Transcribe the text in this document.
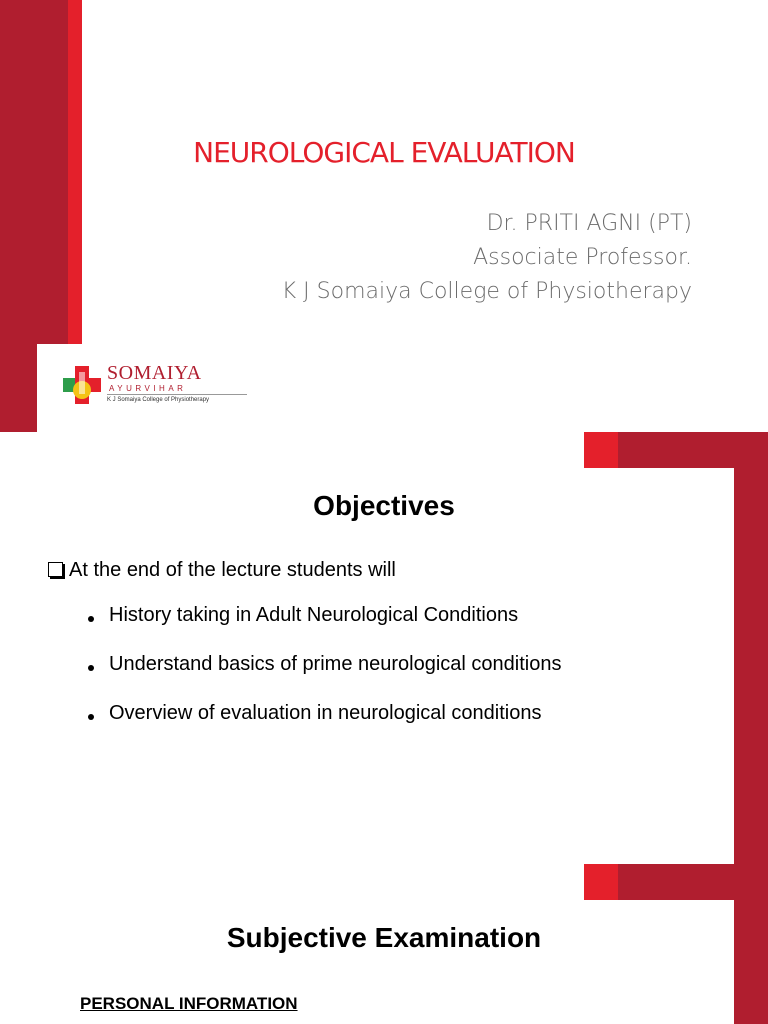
NEUROLOGICAL EVALUATION
Dr. PRITI AGNI (PT)
Associate Professor.
K J Somaiya College of Physiotherapy
SOMAIYA
AYURVIHAR
K J Somaiya College of Physiotherapy
Objectives
At the end of the lecture students will
History taking in Adult Neurological Conditions
Understand basics of prime neurological conditions
Overview of evaluation in neurological conditions
Subjective Examination
PERSONAL INFORMATION
